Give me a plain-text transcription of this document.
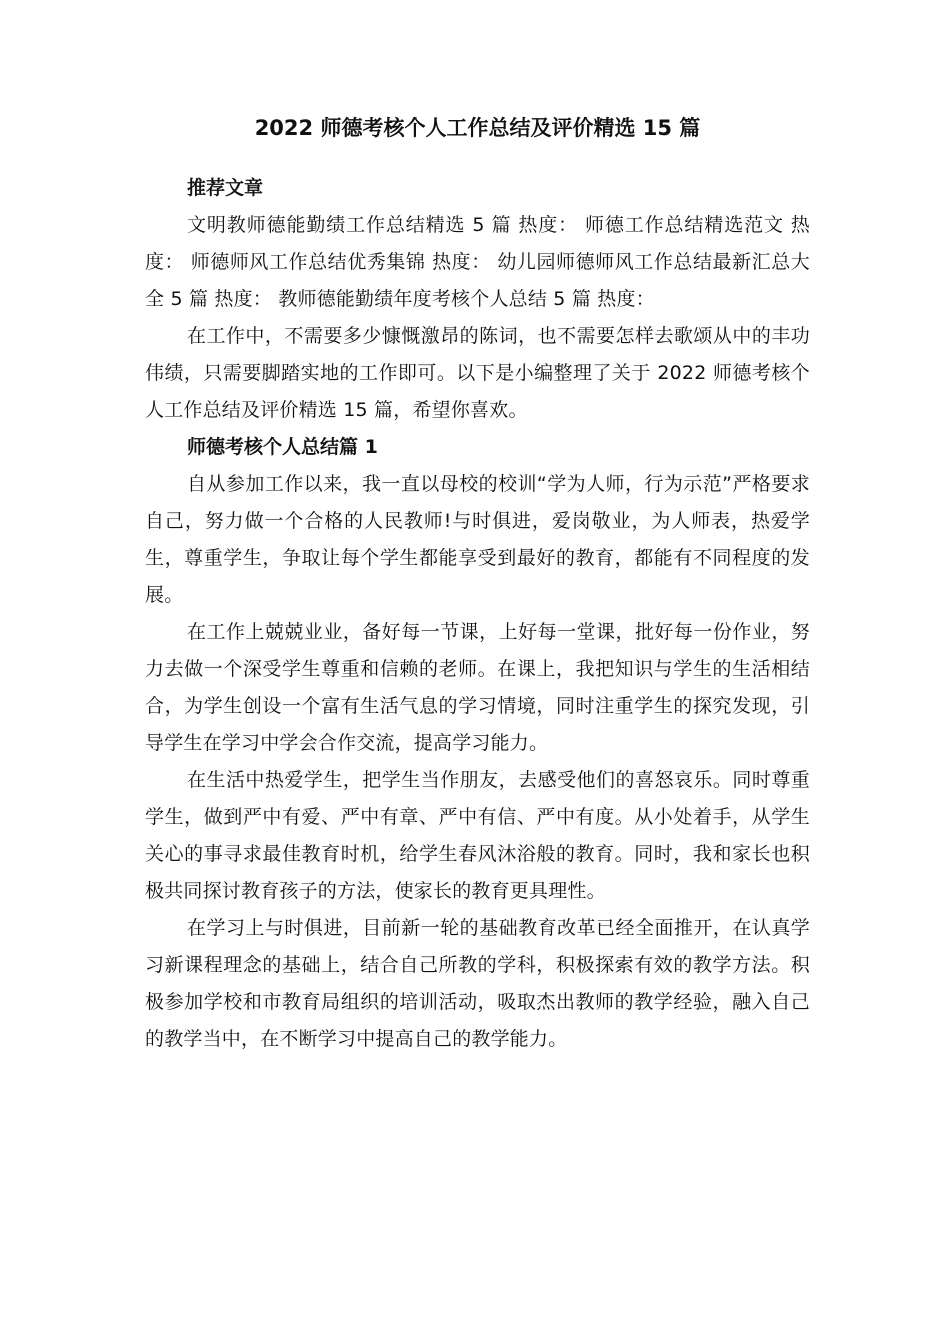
2022 师德考核个人工作总结及评价精选 15 篇

推荐文章

文明教师德能勤绩工作总结精选 5 篇 热度： 师德工作总结精选范文 热度： 师德师风工作总结优秀集锦 热度： 幼儿园师德师风工作总结最新汇总大全 5 篇 热度： 教师德能勤绩年度考核个人总结 5 篇 热度：

在工作中，不需要多少慷慨激昂的陈词，也不需要怎样去歌颂从中的丰功伟绩，只需要脚踏实地的工作即可。以下是小编整理了关于 2022 师德考核个人工作总结及评价精选 15 篇，希望你喜欢。

师德考核个人总结篇 1

自从参加工作以来，我一直以母校的校训“学为人师，行为示范”严格要求自己，努力做一个合格的人民教师!与时俱进，爱岗敬业，为人师表，热爱学生，尊重学生，争取让每个学生都能享受到最好的教育，都能有不同程度的发展。

在工作上兢兢业业，备好每一节课，上好每一堂课，批好每一份作业，努力去做一个深受学生尊重和信赖的老师。在课上，我把知识与学生的生活相结合，为学生创设一个富有生活气息的学习情境，同时注重学生的探究发现，引导学生在学习中学会合作交流，提高学习能力。

在生活中热爱学生，把学生当作朋友，去感受他们的喜怒哀乐。同时尊重学生，做到严中有爱、严中有章、严中有信、严中有度。从小处着手，从学生关心的事寻求最佳教育时机，给学生春风沐浴般的教育。同时，我和家长也积极共同探讨教育孩子的方法，使家长的教育更具理性。

在学习上与时俱进，目前新一轮的基础教育改革已经全面推开，在认真学习新课程理念的基础上，结合自己所教的学科，积极探索有效的教学方法。积极参加学校和市教育局组织的培训活动，吸取杰出教师的教学经验，融入自己的教学当中，在不断学习中提高自己的教学能力。
